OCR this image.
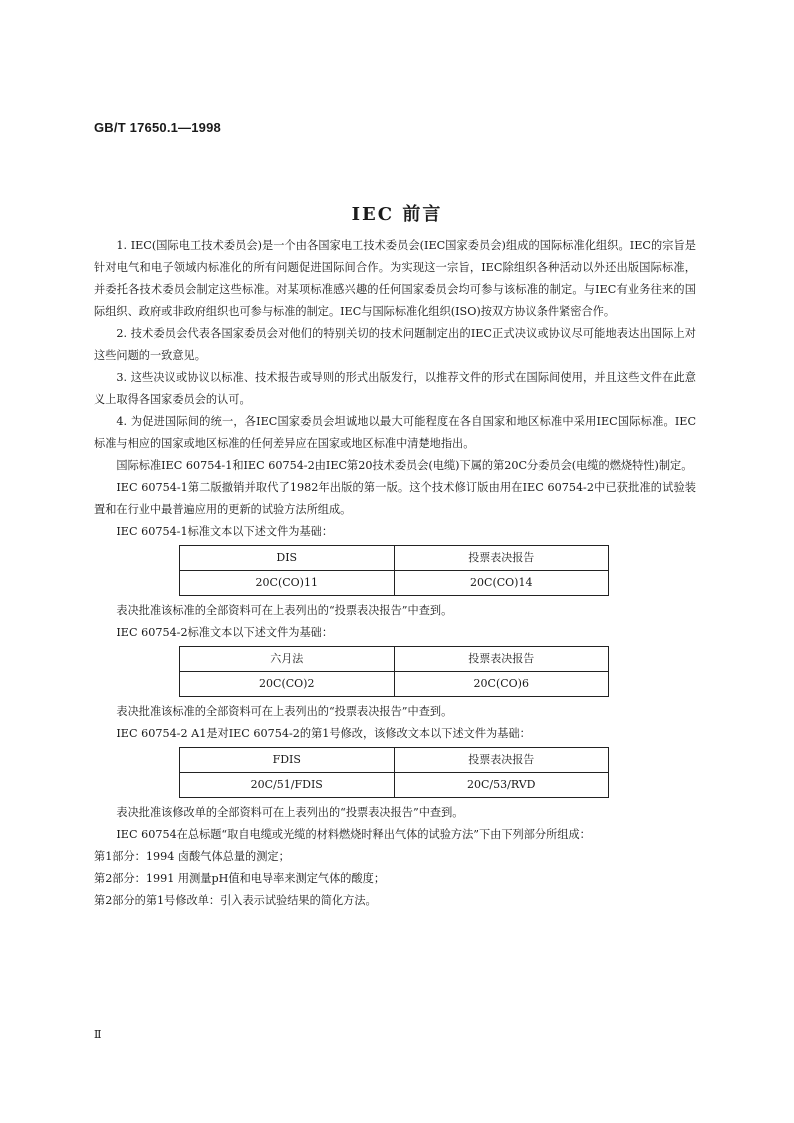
GB/T 17650.1—1998
IEC 前言

1. IEC(国际电工技术委员会)是一个由各国家电工技术委员会(IEC国家委员会)组成的国际标准化组织。IEC的宗旨是针对电气和电子领域内标准化的所有问题促进国际间合作。为实现这一宗旨，IEC除组织各种活动以外还出版国际标准，并委托各技术委员会制定这些标准。对某项标准感兴趣的任何国家委员会均可参与该标准的制定。与IEC有业务往来的国际组织、政府或非政府组织也可参与标准的制定。IEC与国际标准化组织(ISO)按双方协议条件紧密合作。

2. 技术委员会代表各国家委员会对他们的特别关切的技术问题制定出的IEC正式决议或协议尽可能地表达出国际上对这些问题的一致意见。

3. 这些决议或协议以标准、技术报告或导则的形式出版发行，以推荐文件的形式在国际间使用，并且这些文件在此意义上取得各国家委员会的认可。

4. 为促进国际间的统一，各IEC国家委员会坦诚地以最大可能程度在各自国家和地区标准中采用IEC国际标准。IEC标准与相应的国家或地区标准的任何差异应在国家或地区标准中清楚地指出。

国际标准IEC 60754-1和IEC 60754-2由IEC第20技术委员会(电缆)下属的第20C分委员会(电缆的燃烧特性)制定。

IEC 60754-1第二版撤销并取代了1982年出版的第一版。这个技术修订版由用在IEC 60754-2中已获批准的试验装置和在行业中最普遍应用的更新的试验方法所组成。

IEC 60754-1标准文本以下述文件为基础：

DIS	投票表决报告
20C(CO)11	20C(CO)14

表决批准该标准的全部资料可在上表列出的“投票表决报告”中查到。

IEC 60754-2标准文本以下述文件为基础：

六月法	投票表决报告
20C(CO)2	20C(CO)6

表决批准该标准的全部资料可在上表列出的“投票表决报告”中查到。

IEC 60754-2 A1是对IEC 60754-2的第1号修改，该修改文本以下述文件为基础：

FDIS	投票表决报告
20C/51/FDIS	20C/53/RVD

表决批准该修改单的全部资料可在上表列出的“投票表决报告”中查到。

IEC 60754在总标题“取自电缆或光缆的材料燃烧时释出气体的试验方法”下由下列部分所组成：

第1部分：1994 卤酸气体总量的测定；

第2部分：1991 用测量pH值和电导率来测定气体的酸度；

第2部分的第1号修改单：引入表示试验结果的简化方法。

Ⅱ
